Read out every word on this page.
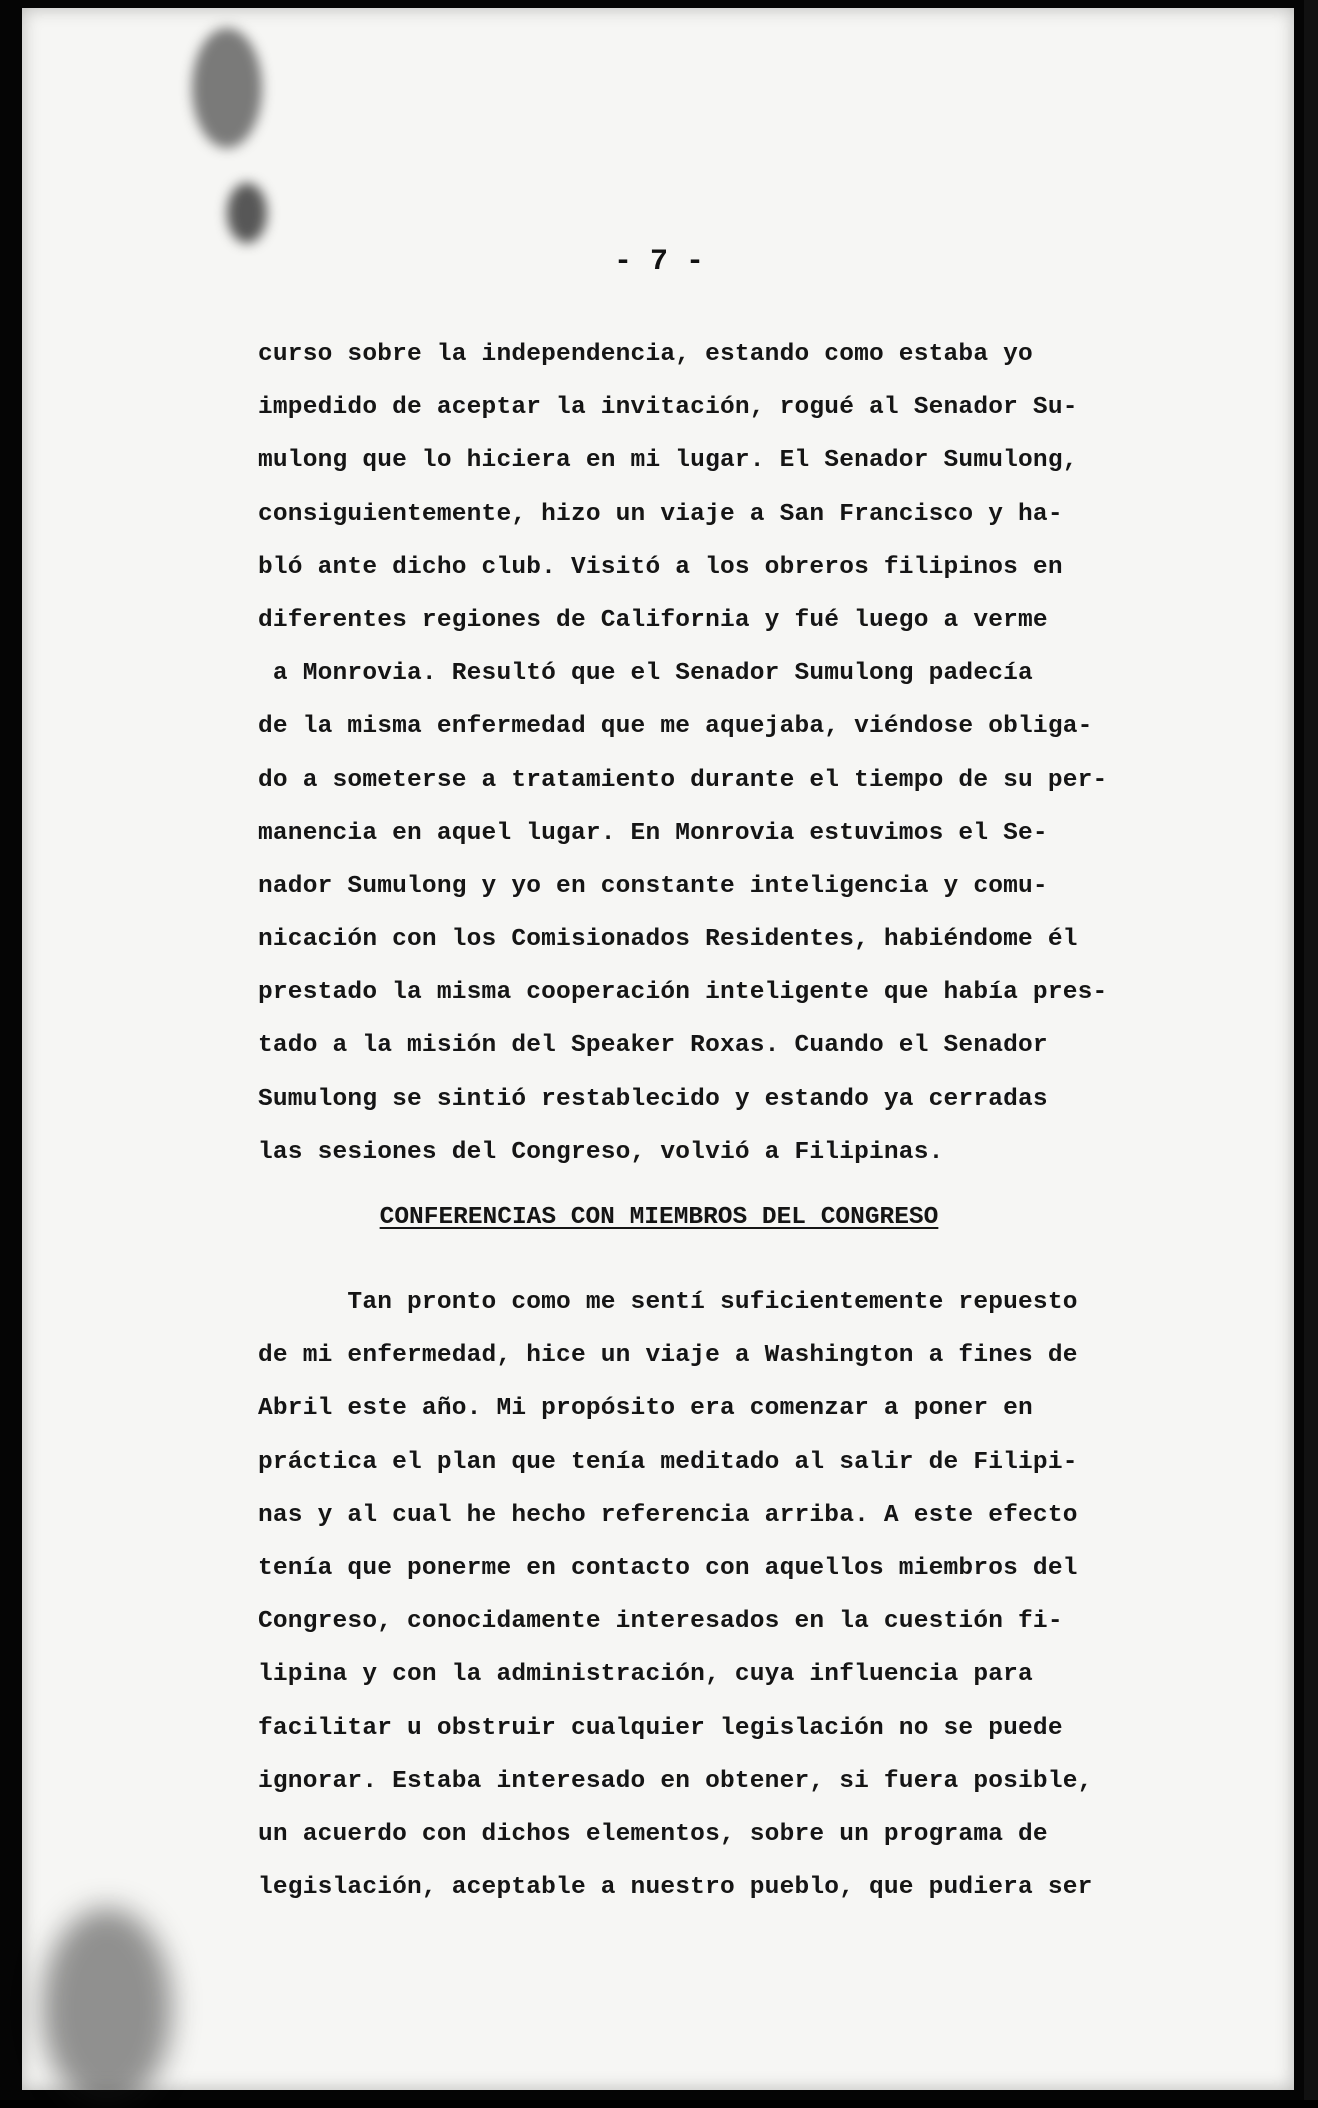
- 7 -
curso sobre la independencia, estando como estaba yo
impedido de aceptar la invitación, rogué al Senador Su-
mulong que lo hiciera en mi lugar. El Senador Sumulong,
consiguientemente, hizo un viaje a San Francisco y ha-
bló ante dicho club. Visitó a los obreros filipinos en
diferentes regiones de California y fué luego a verme
a Monrovia. Resultó que el Senador Sumulong padecía
de la misma enfermedad que me aquejaba, viéndose obliga-
do a someterse a tratamiento durante el tiempo de su per-
manencia en aquel lugar. En Monrovia estuvimos el Se-
nador Sumulong y yo en constante inteligencia y comu-
nicación con los Comisionados Residentes, habiéndome él
prestado la misma cooperación inteligente que había pres-
tado a la misión del Speaker Roxas. Cuando el Senador
Sumulong se sintió restablecido y estando ya cerradas
las sesiones del Congreso, volvió a Filipinas.
CONFERENCIAS CON MIEMBROS DEL CONGRESO
Tan pronto como me sentí suficientemente repuesto
de mi enfermedad, hice un viaje a Washington a fines de
Abril este año. Mi propósito era comenzar a poner en
práctica el plan que tenía meditado al salir de Filipi-
nas y al cual he hecho referencia arriba. A este efecto
tenía que ponerme en contacto con aquellos miembros del
Congreso, conocidamente interesados en la cuestión fi-
lipina y con la administración, cuya influencia para
facilitar u obstruir cualquier legislación no se puede
ignorar. Estaba interesado en obtener, si fuera posible,
un acuerdo con dichos elementos, sobre un programa de
legislación, aceptable a nuestro pueblo, que pudiera ser
